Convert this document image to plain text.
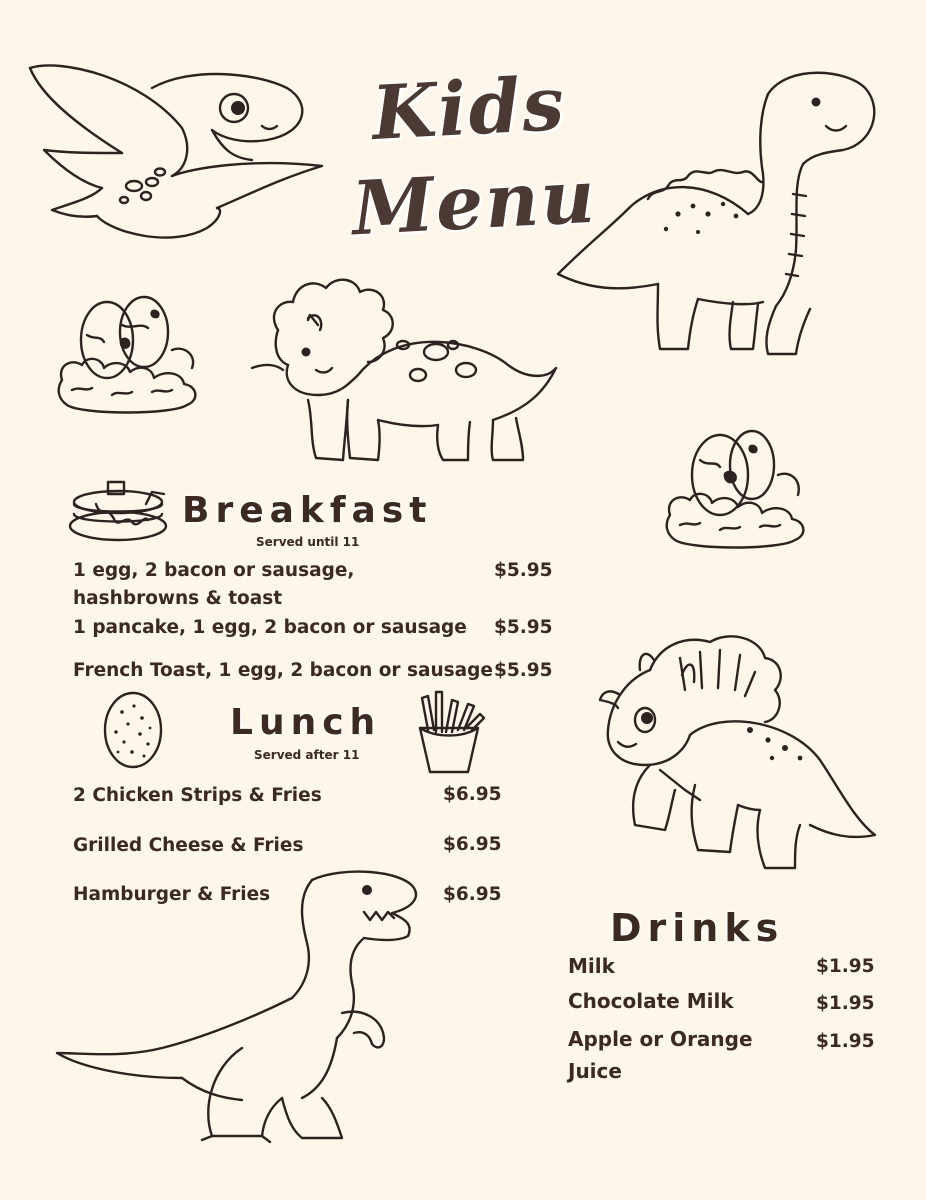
Kids
Menu
Breakfast
Served until 11
1 egg, 2 bacon or sausage, hashbrowns & toast
$5.95
1 pancake, 1 egg, 2 bacon or sausage	$5.95
French Toast, 1 egg, 2 bacon or sausage $5.95
Lunch
Served after 11
2 Chicken Strips & Fries	$6.95
Grilled Cheese & Fries	$6.95
Hamburger & Fries	$6.95
Drinks
Milk	$1.95
Chocolate Milk	$1.95
Apple or Orange Juice
$1.95
